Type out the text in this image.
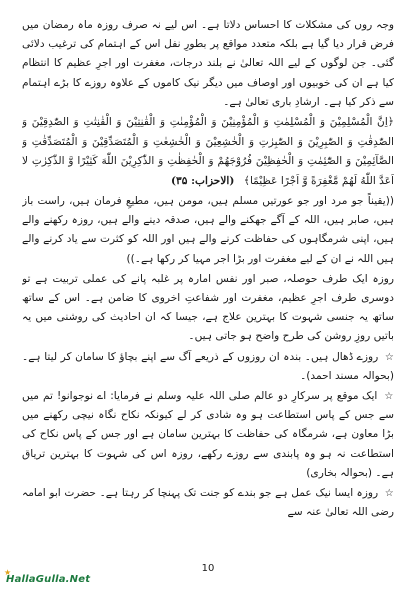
وجہ روں کی مشکلات کا احساس دلاتا ہے۔ اس لیے نہ صرف روزہ ماہ رمضان میں فرض قرار دیا گیا ہے بلکہ متعدد مواقع پر بطورِ نفل اس کے اہتمام کی ترغیب دلائی گئی۔ جن لوگوں کے لیے اللہ تعالیٰ نے بلند درجات، مغفرت اور اجرِ عظیم کا انتظام کیا ہے ان کی خوبیوں اور اوصاف میں دیگر نیک کاموں کے علاوہ روزے کا بڑے اہتمام سے ذکر کیا ہے۔ ارشادِ باری تعالیٰ ہے۔

﴿اِنَّ الْمُسْلِمِیْنَ وَ الْمُسْلِمٰتِ وَ الْمُؤْمِنِیْنَ وَ الْمُؤْمِنٰتِ وَ الْقٰنِتِیْنَ وَ الْقٰنِتٰتِ وَ الصّٰدِقِیْنَ وَ الصّٰدِقٰتِ وَ الصّٰبِرِیْنَ وَ الصّٰبِرٰتِ وَ الْخٰشِعِیْنَ وَ الْخٰشِعٰتِ وَ الْمُتَصَدِّقِیْنَ وَ الْمُتَصَدِّقٰتِ وَ الصَّآئِمِیْنَ وَ الصّٰٓئِمٰتِ وَ الْحٰفِظِیْنَ فُرُوْجَهُمْ وَ الْحٰفِظٰتِ وَ الذّٰكِرِیْنَ اللّٰهَ كَثِیْرًا وَّ الذّٰكِرٰتِ لا اَعَدَّ اللّٰهُ لَهُمْ مَّغْفِرَةً وَّ اَجْرًا عَظِیْمًا﴾ (الاحزاب: ۳۵)

((یقیناً جو مرد اور جو عورتیں مسلم ہیں، مومن ہیں، مطیعِ فرمان ہیں، راست باز ہیں، صابر ہیں، اللہ کے آگے جھکنے والے ہیں، صدقہ دینے والے ہیں، روزہ رکھنے والے ہیں، اپنی شرمگاہوں کی حفاظت کرنے والے ہیں اور اللہ کو کثرت سے یاد کرنے والے ہیں اللہ نے ان کے لیے مغفرت اور بڑا اجر مہیا کر رکھا ہے۔))

روزہ ایک طرف حوصلہ، صبر اور نفس امارہ پر غلبہ پانے کی عملی تربیت ہے تو دوسری طرف اجرِ عظیم، مغفرت اور شفاعتِ اخروی کا ضامن ہے۔ اس کے ساتھ ساتھ یہ جنسی شہوت کا بہترین علاج ہے، جیسا کہ ان احادیث کی روشنی میں یہ باتیں روزِ روشن کی طرح واضح ہو جاتی ہیں۔

☆ روزے ڈھال ہیں۔ بندہ ان روزوں کے ذریعے آگ سے اپنے بچاؤ کا سامان کر لیتا ہے۔ (بحوالہ مسند احمد)۔

☆ ایک موقع پر سرکارِ دو عالم صلی اللہ علیہ وسلم نے فرمایا: اے نوجوانو! تم میں سے جس کے پاس استطاعت ہو وہ شادی کر لے کیونکہ نکاح نگاہ نیچی رکھنے میں بڑا معاون ہے، شرمگاہ کی حفاظت کا بہترین سامان ہے اور جس کے پاس نکاح کی استطاعت نہ ہو وہ پابندی سے روزے رکھے، روزہ اس کی شہوت کا بہترین تریاق ہے۔ (بحوالہ بخاری)

☆ روزہ ایسا نیک عمل ہے جو بندے کو جنت تک پہنچا کر رہتا ہے۔ حضرت ابو امامہ رضی اللہ تعالیٰ عنہ سے

10
★
HallaGulla.Net
